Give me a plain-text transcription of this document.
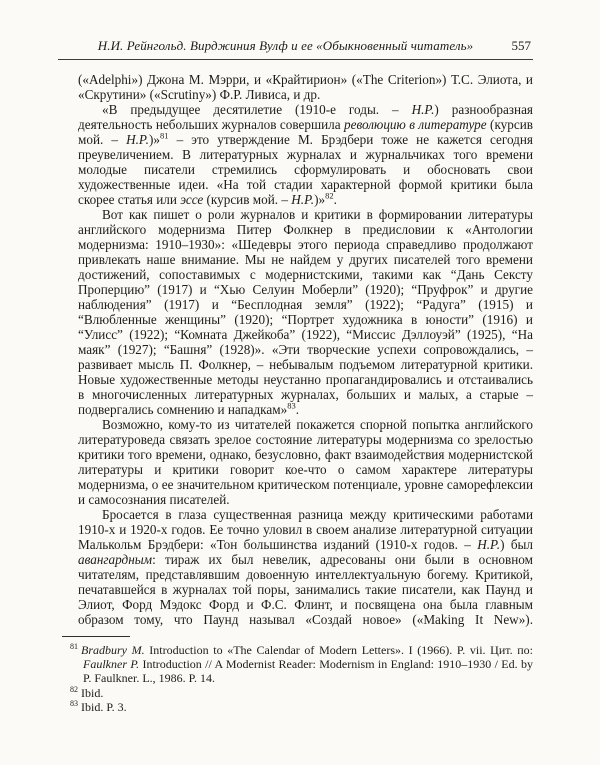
Н.И. Рейнгольд. Вирджиния Вулф и ее «Обыкновенный читатель»	557

(«Adelphi») Джона М. Мэрри, и «Крайтирион» («The Criterion») Т.С. Элиота, и «Скрутини» («Scrutiny») Ф.Р. Ливиса, и др.

«В предыдущее десятилетие (1910-е годы. – Н.Р.) разнообразная деятельность небольших журналов совершила революцию в литературе (курсив мой. – Н.Р.)»$^{81}$ – это утверждение М. Брэдбери тоже не кажется сегодня преувеличением. В литературных журналах и журнальчиках того времени молодые писатели стремились сформулировать и обосновать свои художественные идеи. «На той стадии характерной формой критики была скорее статья или эссе (курсив мой. – Н.Р.)»$^{82}$.

Вот как пишет о роли журналов и критики в формировании литературы английского модернизма Питер Фолкнер в предисловии к «Антологии модернизма: 1910–1930»: «Шедевры этого периода справедливо продолжают привлекать наше внимание. Мы не найдем у других писателей того времени достижений, сопоставимых с модернистскими, такими как “Дань Сексту Проперцию” (1917) и “Хью Селуин Моберли” (1920); “Пруфрок” и другие наблюдения” (1917) и “Бесплодная земля” (1922); “Радуга” (1915) и “Влюбленные женщины” (1920); “Портрет художника в юности” (1916) и “Улисс” (1922); “Комната Джейкоба” (1922), “Миссис Дэллоуэй” (1925), “На маяк” (1927); “Башня” (1928)». «Эти творческие успехи сопровождались, – развивает мысль П. Фолкнер, – небывалым подъемом литературной критики. Новые художественные методы неустанно пропагандировались и отстаивались в многочисленных литературных журналах, больших и малых, а старые – подвергались сомнению и нападкам»$^{83}$.

Возможно, кому-то из читателей покажется спорной попытка английского литературоведа связать зрелое состояние литературы модернизма со зрелостью критики того времени, однако, безусловно, факт взаимодействия модернистской литературы и критики говорит кое-что о самом характере литературы модернизма, о ее значительном критическом потенциале, уровне саморефлексии и самосознания писателей.

Бросается в глаза существенная разница между критическими работами 1910-х и 1920-х годов. Ее точно уловил в своем анализе литературной ситуации Малькольм Брэдбери: «Тон большинства изданий (1910-х годов. – Н.Р.) был авангардным: тираж их был невелик, адресованы они были в основном читателям, представлявшим довоенную интеллектуальную богему. Критикой, печатавшейся в журналах той поры, занимались такие писатели, как Паунд и Элиот, Форд Мэдокс Форд и Ф.С. Флинт, и посвящена она была главным образом тому, что Паунд называл «Создай новое» («Making It New»).

$^{81}$ Bradbury M. Introduction to «The Calendar of Modern Letters». I (1966). P. vii. Цит. по: Faulkner P. Introduction // A Modernist Reader: Modernism in England: 1910–1930 / Ed. by P. Faulkner. L., 1986. P. 14.
$^{82}$ Ibid.
$^{83}$ Ibid. P. 3.
